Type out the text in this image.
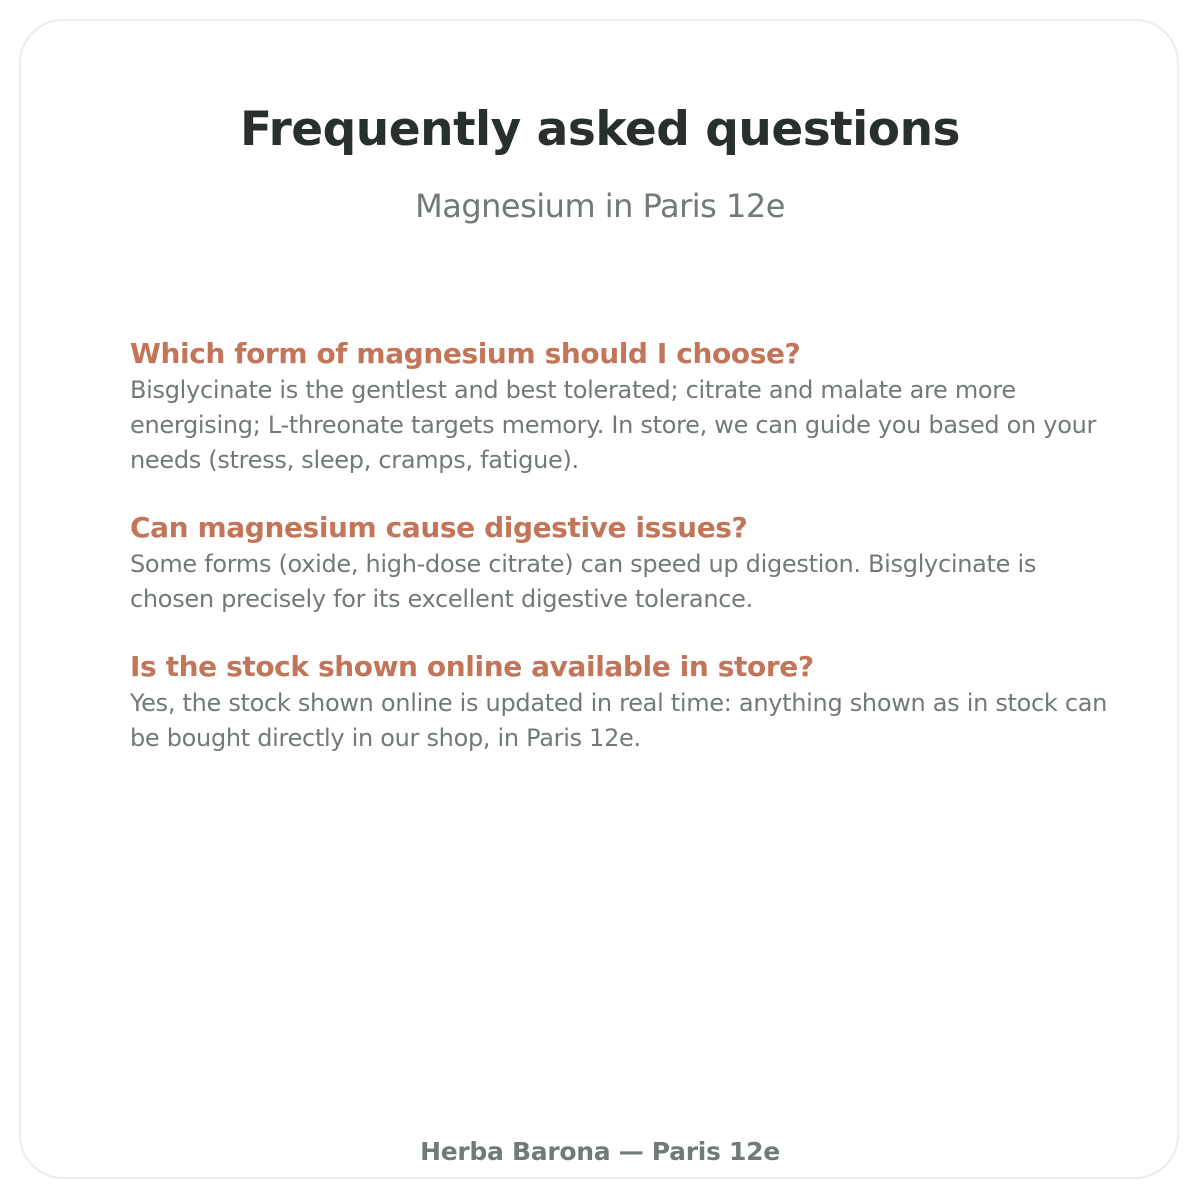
Frequently asked questions
Magnesium in Paris 12e
Which form of magnesium should I choose?
Bisglycinate is the gentlest and best tolerated; citrate and malate are more energising; L-threonate targets memory. In store, we can guide you based on your needs (stress, sleep, cramps, fatigue).
Can magnesium cause digestive issues?
Some forms (oxide, high-dose citrate) can speed up digestion. Bisglycinate is chosen precisely for its excellent digestive tolerance.
Is the stock shown online available in store?
Yes, the stock shown online is updated in real time: anything shown as in stock can be bought directly in our shop, in Paris 12e.
Herba Barona — Paris 12e
